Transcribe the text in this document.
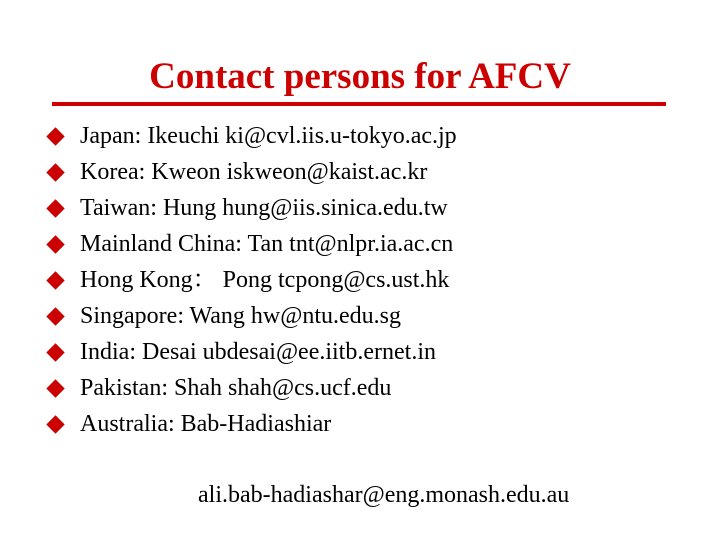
Contact persons for AFCV
Japan: Ikeuchi ki@cvl.iis.u-tokyo.ac.jp
Korea: Kweon iskweon@kaist.ac.kr
Taiwan: Hung hung@iis.sinica.edu.tw
Mainland China: Tan tnt@nlpr.ia.ac.cn
Hong Kong： Pong tcpong@cs.ust.hk
Singapore: Wang hw@ntu.edu.sg
India: Desai ubdesai@ee.iitb.ernet.in
Pakistan: Shah shah@cs.ucf.edu
Australia: Bab-Hadiashiar
ali.bab-hadiashar@eng.monash.edu.au
